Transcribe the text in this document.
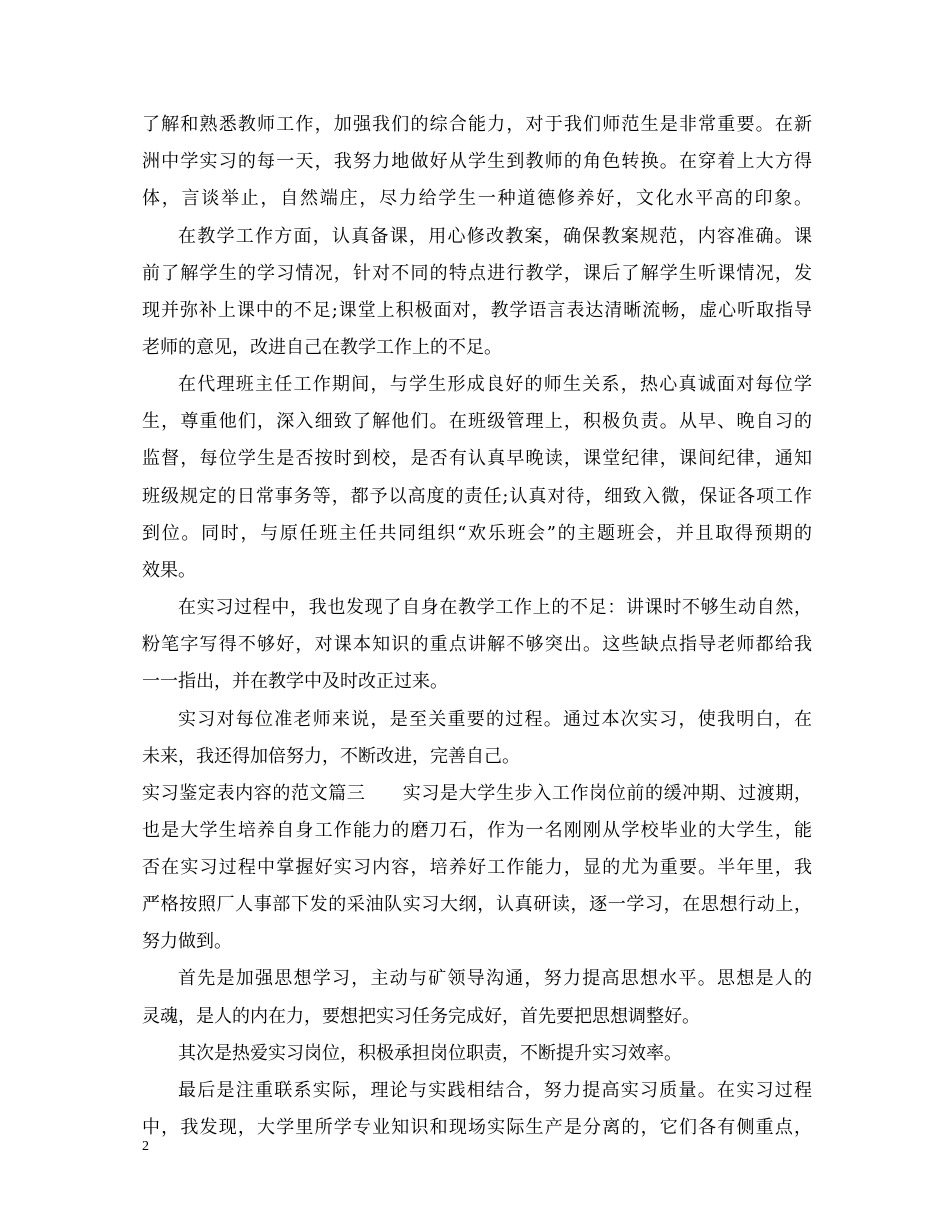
了解和熟悉教师工作，加强我们的综合能力，对于我们师范生是非常重要。在新
洲中学实习的每一天，我努力地做好从学生到教师的角色转换。在穿着上大方得
体，言谈举止，自然端庄，尽力给学生一种道德修养好，文化水平高的印象。
在教学工作方面，认真备课，用心修改教案，确保教案规范，内容准确。课
前了解学生的学习情况，针对不同的特点进行教学，课后了解学生听课情况，发
现并弥补上课中的不足;课堂上积极面对，教学语言表达清晰流畅，虚心听取指导
老师的意见，改进自己在教学工作上的不足。
在代理班主任工作期间，与学生形成良好的师生关系，热心真诚面对每位学
生，尊重他们，深入细致了解他们。在班级管理上，积极负责。从早、晚自习的
监督，每位学生是否按时到校，是否有认真早晚读，课堂纪律，课间纪律，通知
班级规定的日常事务等，都予以高度的责任;认真对待，细致入微，保证各项工作
到位。同时，与原任班主任共同组织“欢乐班会”的主题班会，并且取得预期的
效果。
在实习过程中，我也发现了自身在教学工作上的不足：讲课时不够生动自然，
粉笔字写得不够好，对课本知识的重点讲解不够突出。这些缺点指导老师都给我
一一指出，并在教学中及时改正过来。
实习对每位准老师来说，是至关重要的过程。通过本次实习，使我明白，在
未来，我还得加倍努力，不断改进，完善自己。
实习鉴定表内容的范文篇三　　实习是大学生步入工作岗位前的缓冲期、过渡期，
也是大学生培养自身工作能力的磨刀石，作为一名刚刚从学校毕业的大学生，能
否在实习过程中掌握好实习内容，培养好工作能力，显的尤为重要。半年里，我
严格按照厂人事部下发的采油队实习大纲，认真研读，逐一学习，在思想行动上，
努力做到。
首先是加强思想学习，主动与矿领导沟通，努力提高思想水平。思想是人的
灵魂，是人的内在力，要想把实习任务完成好，首先要把思想调整好。
其次是热爱实习岗位，积极承担岗位职责，不断提升实习效率。
最后是注重联系实际，理论与实践相结合，努力提高实习质量。在实习过程
中，我发现，大学里所学专业知识和现场实际生产是分离的，它们各有侧重点，
2
